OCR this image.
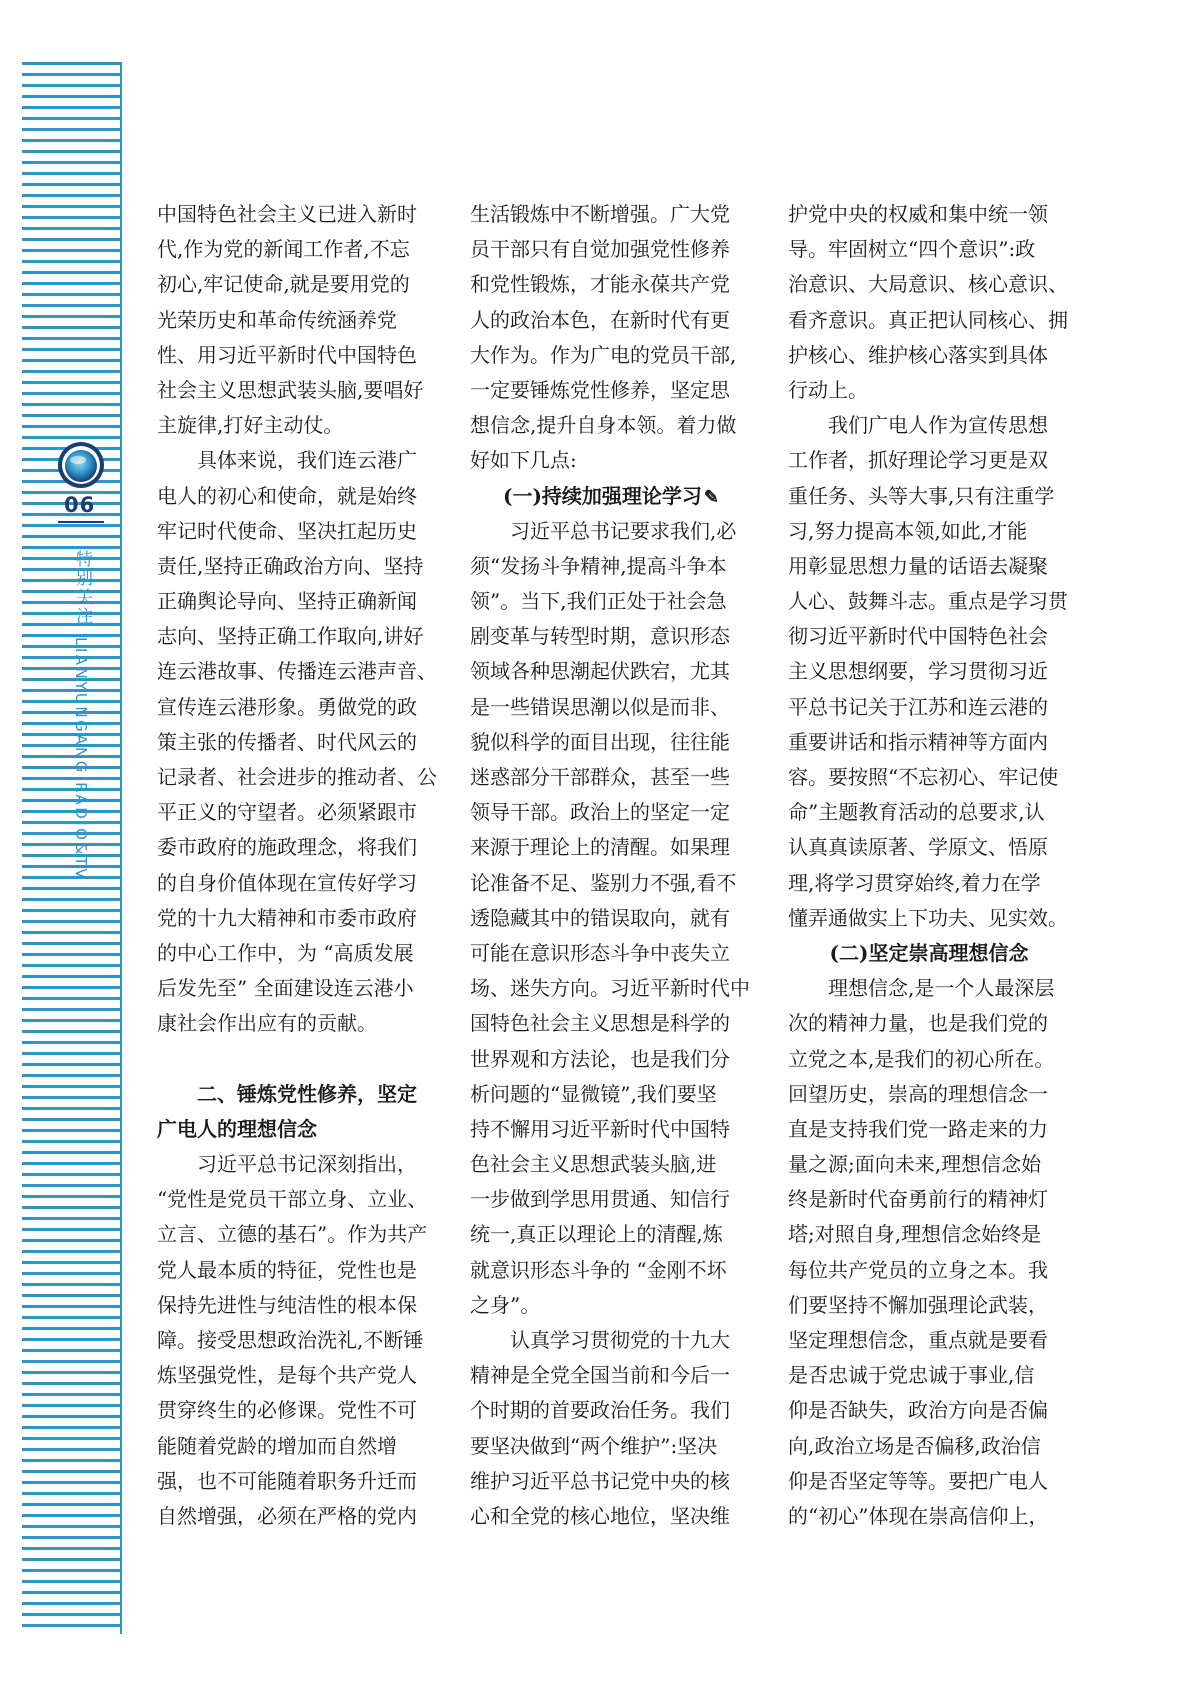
06
特别关注
LIANYUNGANG RADIO&TV
中国特色社会主义已进入新时
代,作为党的新闻工作者,不忘
初心,牢记使命,就是要用党的
光荣历史和革命传统涵养党
性、用习近平新时代中国特色
社会主义思想武装头脑,要唱好
主旋律,打好主动仗。
具体来说，我们连云港广
电人的初心和使命，就是始终
牢记时代使命、坚决扛起历史
责任,坚持正确政治方向、坚持
正确舆论导向、坚持正确新闻
志向、坚持正确工作取向,讲好
连云港故事、传播连云港声音、
宣传连云港形象。勇做党的政
策主张的传播者、时代风云的
记录者、社会进步的推动者、公
平正义的守望者。必须紧跟市
委市政府的施政理念，将我们
的自身价值体现在宣传好学习
党的十九大精神和市委市政府
的中心工作中，为 “高质发展
后发先至” 全面建设连云港小
康社会作出应有的贡献。
二、锤炼党性修养，坚定
广电人的理想信念
习近平总书记深刻指出，
“党性是党员干部立身、立业、
立言、立德的基石”。作为共产
党人最本质的特征，党性也是
保持先进性与纯洁性的根本保
障。接受思想政治洗礼,不断锤
炼坚强党性，是每个共产党人
贯穿终生的必修课。党性不可
能随着党龄的增加而自然增
强，也不可能随着职务升迁而
自然增强，必须在严格的党内
生活锻炼中不断增强。广大党
员干部只有自觉加强党性修养
和党性锻炼，才能永葆共产党
人的政治本色，在新时代有更
大作为。作为广电的党员干部,
一定要锤炼党性修养，坚定思
想信念,提升自身本领。着力做
好如下几点:
(一)持续加强理论学习 ✎
习近平总书记要求我们,必
须“发扬斗争精神,提高斗争本
领”。当下,我们正处于社会急
剧变革与转型时期，意识形态
领域各种思潮起伏跌宕，尤其
是一些错误思潮以似是而非、
貌似科学的面目出现，往往能
迷惑部分干部群众，甚至一些
领导干部。政治上的坚定一定
来源于理论上的清醒。如果理
论准备不足、鉴别力不强,看不
透隐藏其中的错误取向，就有
可能在意识形态斗争中丧失立
场、迷失方向。习近平新时代中
国特色社会主义思想是科学的
世界观和方法论，也是我们分
析问题的“显微镜”,我们要坚
持不懈用习近平新时代中国特
色社会主义思想武装头脑,进
一步做到学思用贯通、知信行
统一,真正以理论上的清醒,炼
就意识形态斗争的 “金刚不坏
之身”。
认真学习贯彻党的十九大
精神是全党全国当前和今后一
个时期的首要政治任务。我们
要坚决做到“两个维护”:坚决
维护习近平总书记党中央的核
心和全党的核心地位，坚决维
护党中央的权威和集中统一领
导。牢固树立“四个意识”:政
治意识、大局意识、核心意识、
看齐意识。真正把认同核心、拥
护核心、维护核心落实到具体
行动上。
我们广电人作为宣传思想
工作者，抓好理论学习更是双
重任务、头等大事,只有注重学
习,努力提高本领,如此,才能
用彰显思想力量的话语去凝聚
人心、鼓舞斗志。重点是学习贯
彻习近平新时代中国特色社会
主义思想纲要，学习贯彻习近
平总书记关于江苏和连云港的
重要讲话和指示精神等方面内
容。要按照“不忘初心、牢记使
命”主题教育活动的总要求,认
认真真读原著、学原文、悟原
理,将学习贯穿始终,着力在学
懂弄通做实上下功夫、见实效。
(二)坚定崇高理想信念
理想信念,是一个人最深层
次的精神力量，也是我们党的
立党之本,是我们的初心所在。
回望历史，崇高的理想信念一
直是支持我们党一路走来的力
量之源;面向未来,理想信念始
终是新时代奋勇前行的精神灯
塔;对照自身,理想信念始终是
每位共产党员的立身之本。我
们要坚持不懈加强理论武装，
坚定理想信念，重点就是要看
是否忠诚于党忠诚于事业,信
仰是否缺失，政治方向是否偏
向,政治立场是否偏移,政治信
仰是否坚定等等。要把广电人
的“初心”体现在崇高信仰上，
